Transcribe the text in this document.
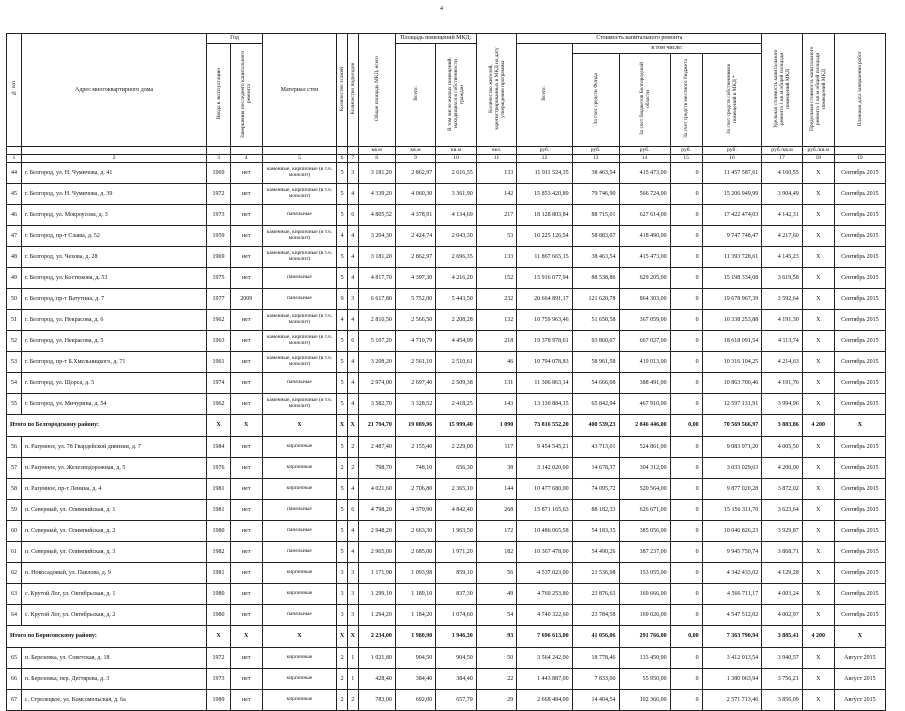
4
№ п/п	Адрес многоквартирного дома	Год		Материал стен	Количество этажей	Количество подъездов	Общая площадь МКД, всего	Площадь помещений МКД:		Количество жителей, зарегистрированных в МКД на дату утверждения программы	Стоимость капитального ремонта					Удельная стоимость капитального ремонта 1 кв.м общей площади помещений МКД	Предельная стоимость капитального ремонта 1 кв.м общей площади помещений МКД	Плановая дата завершения работ
		Ввода в эксплуатацию	Завершения последнего капитального ремонта					Всего:	В том числе жилых помещений, находящихся в собственности граждан		Всего:	в том числе:						
												За счет средств Фонда	За счет бюджетов Белгородской области	За счет средств местного бюджета	За счет средств собственников помещений в МКД *			
							кв.м	кв.м	кв.м	чел.	руб.	руб.	руб.	руб.	руб.	руб./кв.м	руб./кв.м	
1	2	3	4	5	6	7	8	9	10	11	12	13	14	15	16	17	18	19
44	г. Белгород, ул. Н. Чумичова, д. 41	1969	нет	каменные, кирпичные (в т.ч. монолит)	5	3	3 181,20	2 862,97	2 616,55	133	11 911 524,35	38 463,54	415 473,00	0	11 457 587,61	4 160,55	X	Сентябрь 2015
45	г. Белгород, ул. Н. Чумичова, д. 39	1972	нет	каменные, кирпичные (в т.ч. монолит)	5	4	4 339,20	4 060,30	3 361,90	142	15 853 420,89	79 746,90	566 724,00	0	15 206 949,99	3 904,49	X	Сентябрь 2015
46	г. Белгород, ул. Мокроусова, д. 3	1973	нет	панельные	5	6	4 805,52	4 378,91	4 134,69	217	18 128 803,84	88 715,01	627 614,00	0	17 422 474,03	4 142,31	X	Сентябрь 2015
47	г. Белгород, пр-т Славы, д. 52	1959	нет	каменные, кирпичные (в т.ч. монолит)	4	4	3 204,30	2 424,74	2 043,30	53	10 225 126,54	58 883,07	418 490,00	0	9 747 748,47	4 217,60	X	Сентябрь 2015
48	г. Белгород, ул. Чехова, д. 28	1969	нет	каменные, кирпичные (в т.ч. монолит)	5	4	3 181,20	2 862,97	2 696,35	133	11 867 665,15	38 463,54	415 473,00	0	11 393 728,61	4 145,23	X	Сентябрь 2015
49	г. Белгород, ул. Костюкова, д. 53	1975	нет	панельные	5	4	4 817,70	4 397,30	4 216,20	152	15 916 077,94	88 538,86	629 205,00	0	15 198 334,08	3 619,58	X	Сентябрь 2015
50	г. Белгород, пр-т Ватутина, д. 7	1977	2009	панельные	9	3	6 617,80	5 752,00	5 443,50	232	20 664 891,17	121 620,78	864 303,00	0	19 678 967,39	3 592,64	X	Сентябрь 2015
51	г. Белгород, ул. Некрасова, д. 6	1962	нет	каменные, кирпичные (в т.ч. монолит)	4	4	2 810,50	2 566,50	2 208,28	132	10 759 963,46	51 650,58	367 059,00	0	10 338 253,88	4 191,30	X	Сентябрь 2015
52	г. Белгород, ул. Некрасова, д. 5	1963	нет	каменные, кирпичные (в т.ч. монолит)	5	6	5 107,20	4 710,79	4 454,99	218	19 378 978,61	93 860,07	667 027,00	0	18 618 091,54	4 113,74	X	Сентябрь 2015
53	г. Белгород, пр-т Б.Хмельницкого, д. 71	1961	нет	каменные, кирпичные (в т.ч. монолит)	5	4	3 208,20	2 561,10	2 510,61	46	10 794 078,83	58 961,58	419 013,00	0	10 316 104,25	4 214,63	X	Сентябрь 2015
54	г. Белгород, ул. Щорса, д. 5	1974	нет	панельные	5	4	2 974,00	2 697,40	2 509,38	131	11 306 863,14	54 666,08	388 491,00	0	10 863 706,46	4 191,76	X	Сентябрь 2015
55	г. Белгород, ул. Мичурина, д. 54	1962	нет	каменные, кирпичные (в т.ч. монолит)	5	4	3 582,70	3 328,52	2 418,25	143	13 130 884,15	65 842,94	467 910,00	0	12 597 131,91	3 994,96	X	Сентябрь 2015
Итого по Белгородскому району:		X	X	X	X	X	21 794,70	19 089,96	15 999,40	1 090	73 816 552,20	400 539,23	2 846 446,00	0,00	70 569 566,97	3 883,86	4 200	X
56	п. Разумное, ул. 78 Гвардейской дивизии, д. 7	1984	нет	кирпичные	5	2	2 487,40	2 155,40	2 229,00	117	9 454 545,21	43 713,01	524 861,00	0	9 083 971,20	4 005,50	X	Сентябрь 2015
57	п. Разумное, ул. Железнодорожная, д. 5	1976	нет	кирпичные	2	2	798,70	748,10	656,30	38	3 142 020,00	14 678,37	304 312,00	0	3 033 029,63	4 200,00	X	Сентябрь 2015
58	п. Разумное, пр-т Ленина, д. 4	1981	нет	кирпичные	5	4	4 021,60	2 706,80	2 365,10	144	10 477 680,00	74 095,72	520 564,00	0	9 877 020,28	3 872,02	X	Сентябрь 2015
59	п. Северный, ул. Олимпийская, д. 1	1981	нет	панельные	5	6	4 798,20	4 379,90	4 842,40	268	15 871 165,63	88 182,33	626 671,00	0	15 156 311,70	3 623,64	X	Сентябрь 2015
60	п. Северный, ул. Олимпийская, д. 2	1980	нет	панельные	5	4	2 948,20	2 663,30	1 963,50	172	10 486 065,58	54 183,35	385 056,00	0	10 046 826,23	3 929,87	X	Сентябрь 2015
61	п. Северный, ул. Олимпийская, д. 3	1982	нет	панельные	5	4	2 965,00	2 685,00	1 971,20	182	10 367 478,00	54 490,26	387 237,00	0	9 945 750,74	3 868,71	X	Сентябрь 2015
62	п. Новосадовый, ул. Павлова, д. 9	1981	нет	кирпичные	3	3	1 171,90	1 093,98	859,10	56	4 537 023,00	21 536,98	153 055,00	0	4 342 433,02	4 129,28	X	Сентябрь 2015
63	с. Крутой Лог, ул. Октябрьская, д. 1	1980	нет	кирпичные	3	3	1 299,10	1 189,10	837,30	49	4 760 253,80	23 876,63	169 666,00	0	4 566 711,17	4 003,24	X	Сентябрь 2015
64	с. Крутой Лог, ул. Октябрьская, д. 2	1980	нет	панельные	3	3	1 294,20	1 184,20	1 074,60	54	4 740 322,60	23 784,58	169 026,00	0	4 547 512,02	4 002,97	X	Сентябрь 2015
Итого по Борисовскому району:		X	X	X	X	X	2 234,00	1 980,90	1 946,30	93	7 696 613,00	41 056,06	291 766,00	0,00	7 363 790,94	3 885,41	4 200	X
65	п. Березовка, ул. Советская, д. 18	1972	нет	кирпичные	2	1	1 021,80	904,50	904,50	50	3 564 242,00	18 778,46	133 450,00	0	3 412 013,54	3 940,57	X	Август 2015
66	п. Березовка, пер. Дегтярева, д. 3	1973	нет	кирпичные	2	1	428,40	384,40	384,40	22	1 443 887,00	7 833,00	55 950,00	0	1 380 063,94	3 756,21	X	Август 2015
67	с. Стрелецкое, ул. Комсомольская, д. 6а	1989	нет	кирпичные	2	2	783,00	692,00	657,79	29	2 668 484,00	14 404,54	102 366,00	0	2 571 713,46	3 856,09	X	Август 2015
